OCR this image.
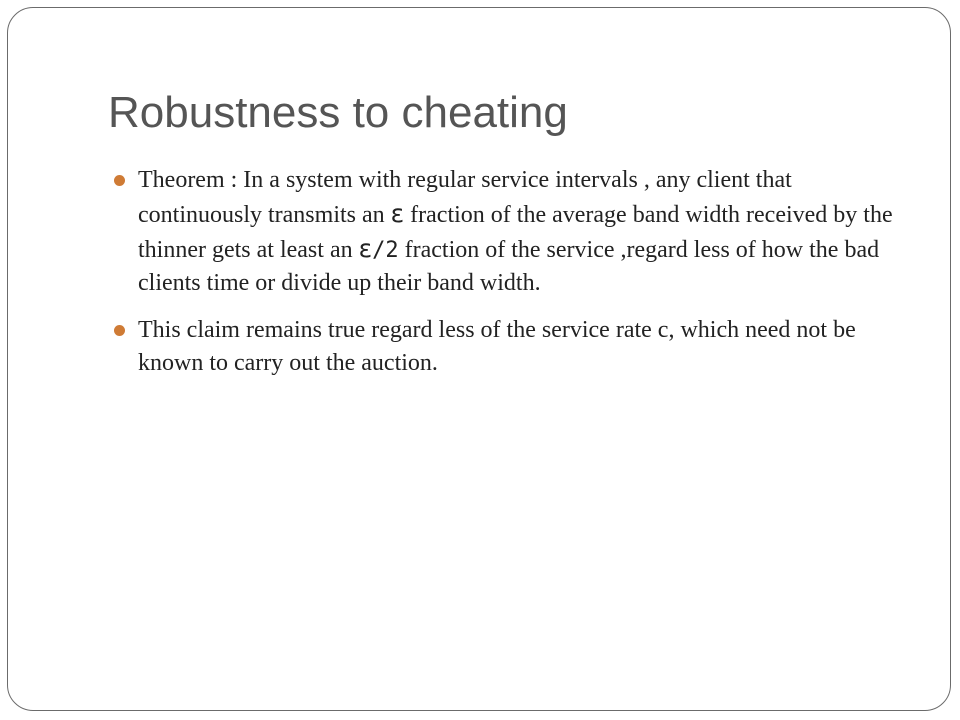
Robustness to cheating
Theorem : In a system with regular service intervals , any client that continuously transmits an ε fraction of the average band width received by the thinner gets at least an ε/2 fraction of the service ,regard less of how the bad clients time or divide up their band width.
This claim remains true regard less of the service rate c, which need not be known to carry out the auction.
